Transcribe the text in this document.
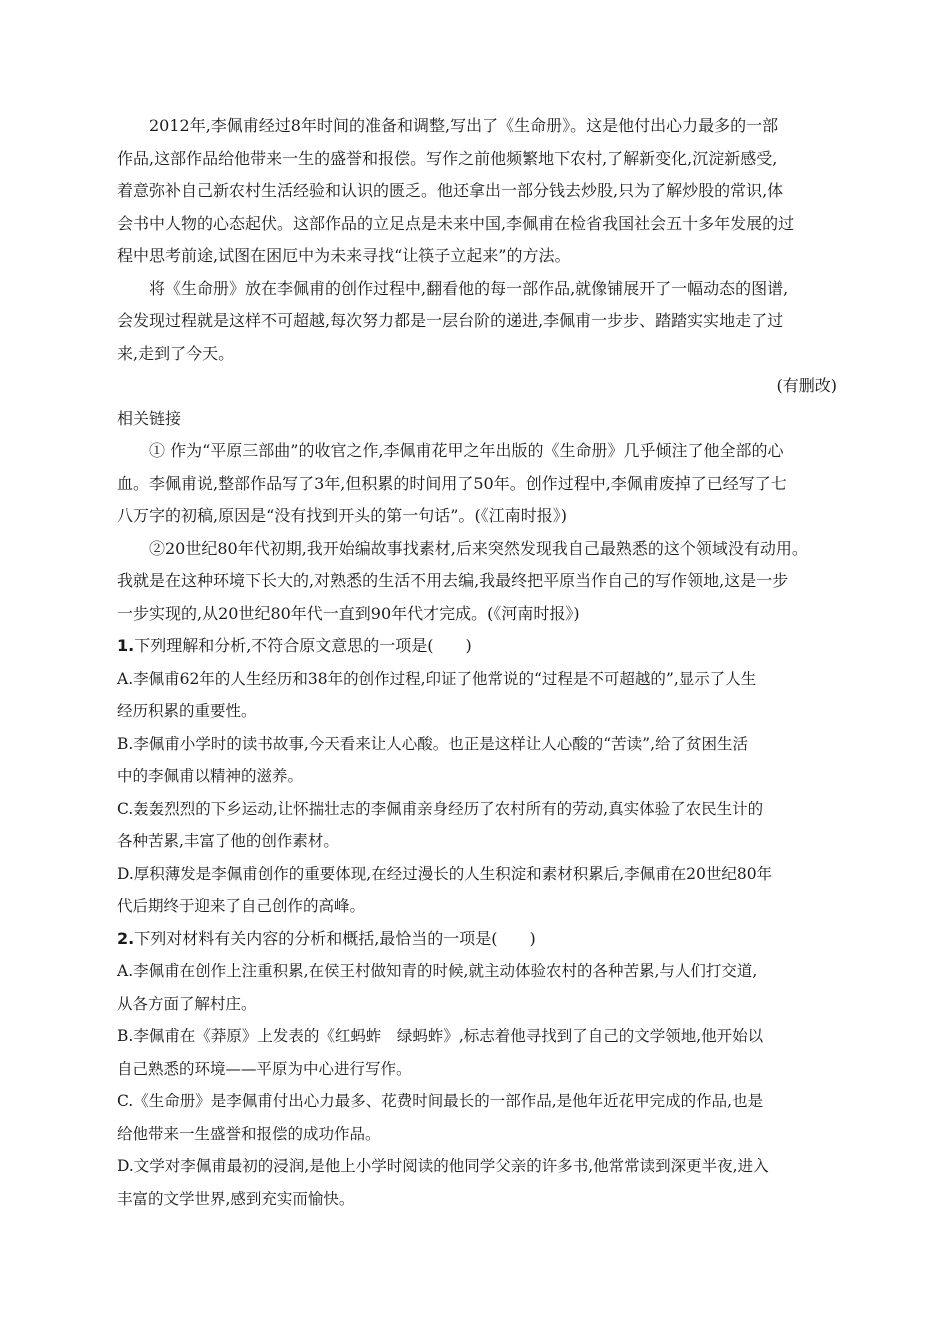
2012年,李佩甫经过8年时间的准备和调整,写出了《生命册》。这是他付出心力最多的一部
作品,这部作品给他带来一生的盛誉和报偿。写作之前他频繁地下农村,了解新变化,沉淀新感受,
着意弥补自己新农村生活经验和认识的匮乏。他还拿出一部分钱去炒股,只为了解炒股的常识,体
会书中人物的心态起伏。这部作品的立足点是未来中国,李佩甫在检省我国社会五十多年发展的过
程中思考前途,试图在困厄中为未来寻找“让筷子立起来”的方法。
将《生命册》放在李佩甫的创作过程中,翻看他的每一部作品,就像铺展开了一幅动态的图谱,
会发现过程就是这样不可超越,每次努力都是一层台阶的递进,李佩甫一步步、踏踏实实地走了过
来,走到了今天。
(有删改)
相关链接
① 作为“平原三部曲”的收官之作,李佩甫花甲之年出版的《生命册》几乎倾注了他全部的心
血。李佩甫说,整部作品写了3年,但积累的时间用了50年。创作过程中,李佩甫废掉了已经写了七
八万字的初稿,原因是“没有找到开头的第一句话”。(《江南时报》)
②20世纪80年代初期,我开始编故事找素材,后来突然发现我自己最熟悉的这个领域没有动用。
我就是在这种环境下长大的,对熟悉的生活不用去编,我最终把平原当作自己的写作领地,这是一步
一步实现的,从20世纪80年代一直到90年代才完成。(《河南时报》)
1.下列理解和分析,不符合原文意思的一项是(　　)
A.李佩甫62年的人生经历和38年的创作过程,印证了他常说的“过程是不可超越的”,显示了人生
经历积累的重要性。
B.李佩甫小学时的读书故事,今天看来让人心酸。也正是这样让人心酸的“苦读”,给了贫困生活
中的李佩甫以精神的滋养。
C.轰轰烈烈的下乡运动,让怀揣壮志的李佩甫亲身经历了农村所有的劳动,真实体验了农民生计的
各种苦累,丰富了他的创作素材。
D.厚积薄发是李佩甫创作的重要体现,在经过漫长的人生积淀和素材积累后,李佩甫在20世纪80年
代后期终于迎来了自己创作的高峰。
2.下列对材料有关内容的分析和概括,最恰当的一项是(　　)
A.李佩甫在创作上注重积累,在侯王村做知青的时候,就主动体验农村的各种苦累,与人们打交道,
从各方面了解村庄。
B.李佩甫在《莽原》上发表的《红蚂蚱　绿蚂蚱》,标志着他寻找到了自己的文学领地,他开始以
自己熟悉的环境——平原为中心进行写作。
C.《生命册》是李佩甫付出心力最多、花费时间最长的一部作品,是他年近花甲完成的作品,也是
给他带来一生盛誉和报偿的成功作品。
D.文学对李佩甫最初的浸润,是他上小学时阅读的他同学父亲的许多书,他常常读到深更半夜,进入
丰富的文学世界,感到充实而愉快。
